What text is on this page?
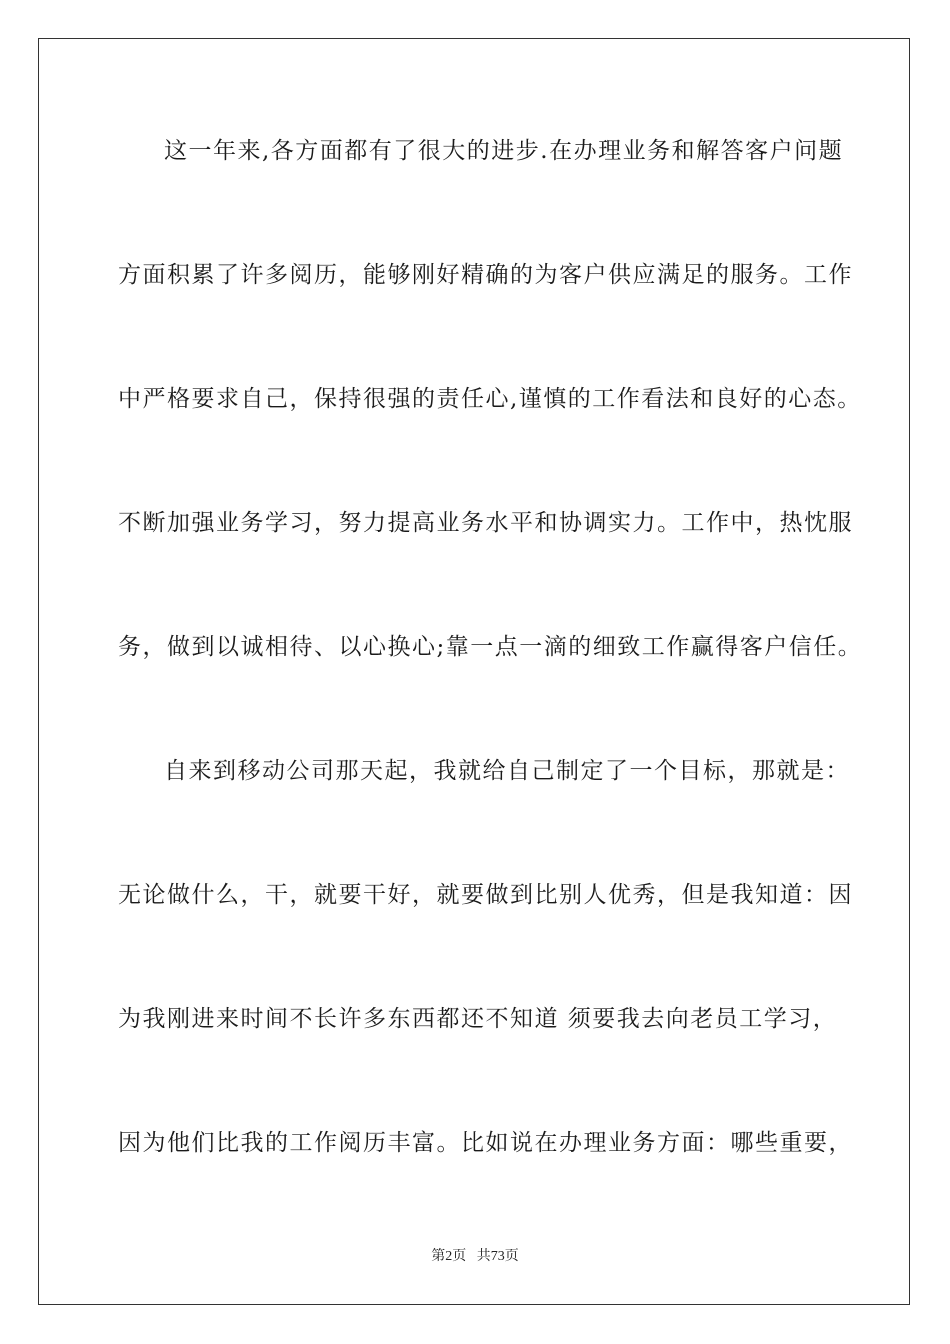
这一年来,各方面都有了很大的进步.在办理业务和解答客户问题
方面积累了许多阅历，能够刚好精确的为客户供应满足的服务。工作
中严格要求自己，保持很强的责任心,谨慎的工作看法和良好的心态。
不断加强业务学习，努力提高业务水平和协调实力。工作中，热忱服
务，做到以诚相待、以心换心;靠一点一滴的细致工作赢得客户信任。
自来到移动公司那天起，我就给自己制定了一个目标，那就是：
无论做什么，干，就要干好，就要做到比别人优秀，但是我知道：因
为我刚进来时间不长许多东西都还不知道 须要我去向老员工学习，
因为他们比我的工作阅历丰富。比如说在办理业务方面：哪些重要，
第2页   共73页
